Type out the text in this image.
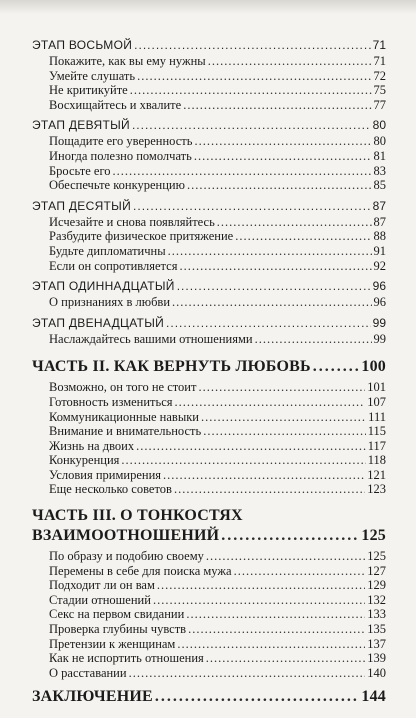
ЭТАП ВОСЬМОЙ .....	71
Покажите, как вы ему нужны .....	71
Умейте слушать .....	72
Не критикуйте .....	75
Восхищайтесь и хвалите .....	77
ЭТАП ДЕВЯТЫЙ .....	80
Пощадите его уверенность .....	80
Иногда полезно помолчать .....	81
Бросьте его .....	83
Обеспечьте конкуренцию .....	85
ЭТАП ДЕСЯТЫЙ .....	87
Исчезайте и снова появляйтесь .....	87
Разбудите физическое притяжение .....	88
Будьте дипломатичны .....	91
Если он сопротивляется .....	92
ЭТАП ОДИННАДЦАТЫЙ .....	96
О признаниях в любви .....	96
ЭТАП ДВЕНАДЦАТЫЙ .....	99
Наслаждайтесь вашими отношениями .....	99
ЧАСТЬ II. КАК ВЕРНУТЬ ЛЮБОВЬ .....	100
Возможно, он того не стоит .....	101
Готовность измениться .....	107
Коммуникационные навыки .....	111
Внимание и внимательность .....	115
Жизнь на двоих .....	117
Конкуренция .....	118
Условия примирения .....	121
Еще несколько советов .....	123
ЧАСТЬ III. О ТОНКОСТЯХ
ВЗАИМООТНОШЕНИЙ .....	125
По образу и подобию своему .....	125
Перемены в себе для поиска мужа .....	127
Подходит ли он вам .....	129
Стадии отношений .....	132
Секс на первом свидании .....	133
Проверка глубины чувств .....	135
Претензии к женщинам .....	137
Как не испортить отношения .....	139
О расставании .....	140
ЗАКЛЮЧЕНИЕ .....	144
